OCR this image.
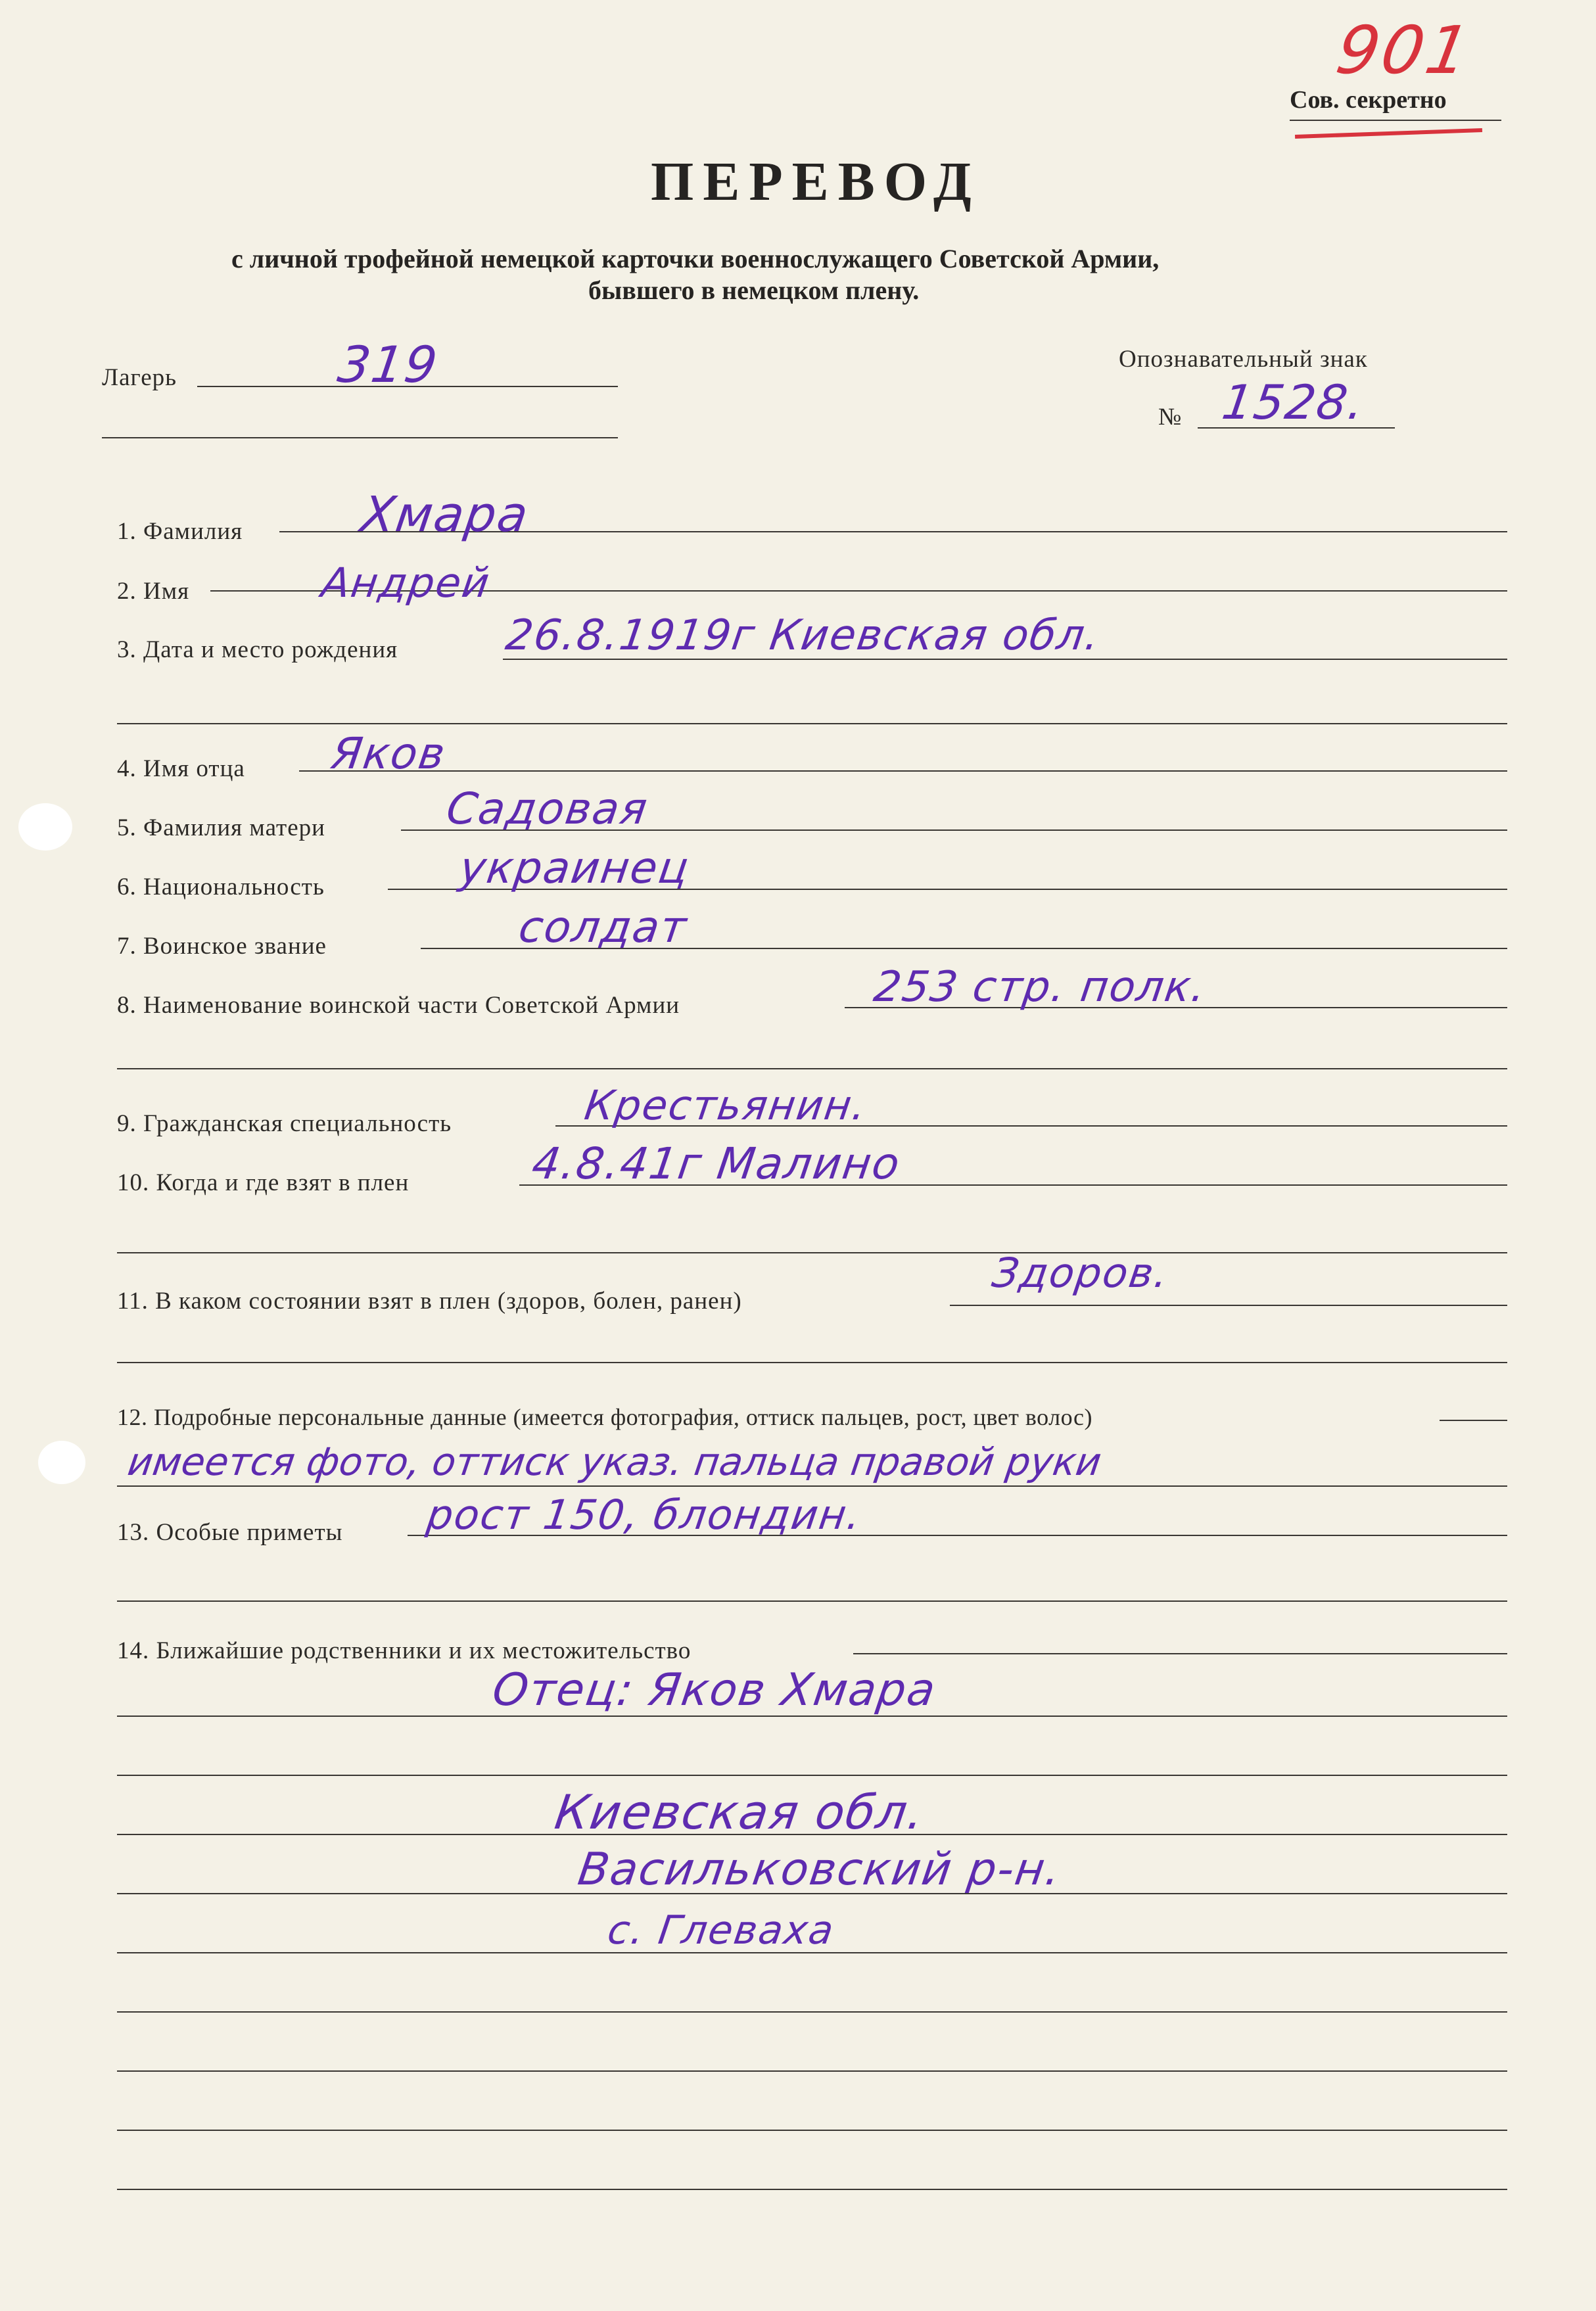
901
Сов. секретно
ПЕРЕВОД
с личной трофейной немецкой карточки военнослужащего Советской Армии,
бывшего в немецком плену.
Лагерь	319	Опознавательный знак
№ 1528.
1. Фамилия Хмара
2. Имя	Андрей
3. Дата и место рождения 26.8.1919г Киевская обл.
4. Имя отца Яков
5. Фамилия матери	Садовая
6. Национальность	украинец
7. Воинское звание	солдат
8. Наименование воинской части Советской Армии	253 стр. полк.
9. Гражданская специальность	Крестьянин.
10. Когда и где взят в плен	4.8.41г Малино
11. В каком состоянии взят в плен (здоров, болен, ранен)
Здоров.
12. Подробные персональные данные (имеется фотография, оттиск пальцев, рост, цвет волос)
имеется фото, оттиск указ. пальца правой руки
13. Особые приметы рост 150, блондин.
14. Ближайшие родственники и их местожительство
Отец: Яков Хмара
Киевская обл.
Васильковский р-н.
с. Глеваха
